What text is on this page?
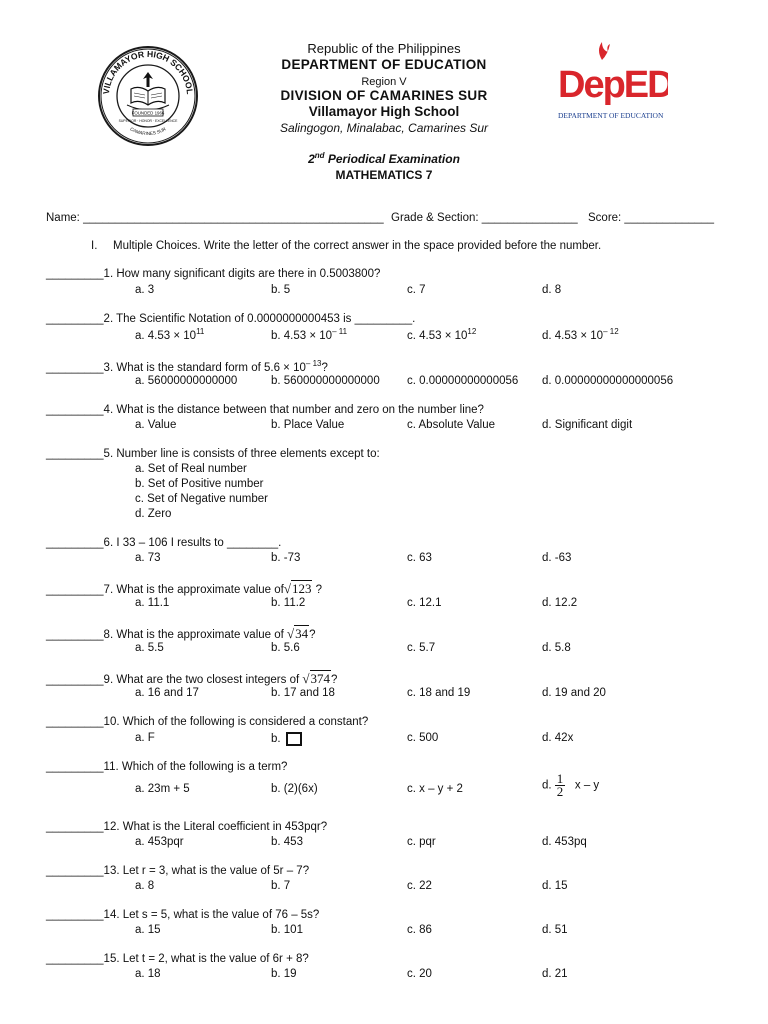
VILLAMAYOR HIGH SCHOOL
CAMARINES SUR
FOUNDED 1966
SUPERIOR · HONOR · EXCELLENCE
DepED
DEPARTMENT OF EDUCATION
Republic of the Philippines
DEPARTMENT OF EDUCATION
Region V
DIVISION OF CAMARINES SUR
Villamayor High School
Salingogon, Minalabac, Camarines Sur
2nd Periodical Examination
MATHEMATICS 7
Name: _______________________________________________ Grade & Section: _______________ Score: ______________
I. Multiple Choices. Write the letter of the correct answer in the space provided before the number.
_________1. How many significant digits are there in 0.5003800?
a. 3	b. 5	c. 7	d. 8
_________2. The Scientific Notation of 0.0000000000453 is _________.
a. $4.53 \times 10^{11}$	b. $4.53 \times 10^{- 11}$	c. $4.53 \times 10^{12}$	d. $4.53 \times 10^{- 12}$
_________3. What is the standard form of $5.6 \times 10^{- 13}$?
a. 56000000000000	b. 560000000000000 c. 0.00000000000056 d. 0.00000000000000056
_________4. What is the distance between that number and zero on the number line?
a. Value	b. Place Value	c. Absolute Value	d. Significant digit
_________5. Number line is consists of three elements except to:
a. Set of Real number
b. Set of Positive number
c. Set of Negative number
d. Zero
_________6. I 33 – 106 I results to ________.
a. 73	b. -73	c. 63	d. -63
_________7. What is the approximate value of√123 ?
a. 11.1	b. 11.2	c. 12.1	d. 12.2
_________8. What is the approximate value of √34?
a. 5.5	b. 5.6	c. 5.7	d. 5.8
_________9. What are the two closest integers of √374?
a. 16 and 17	b. 17 and 18	c. 18 and 19	d. 19 and 20
_________10. Which of the following is considered a constant?
a. F	b.	c. 500	d. 42x
_________11. Which of the following is a term?
a. 23m + 5	b. (2)(6x)	c. x – y + 2	d. $\frac{1}{2}$ x – y
_________12. What is the Literal coefficient in 453pqr?
a. 453pqr	b. 453	c. pqr	d. 453pq
_________13. Let r = 3, what is the value of 5r – 7?
a. 8	b. 7	c. 22	d. 15
_________14. Let s = 5, what is the value of 76 – 5s?
a. 15	b. 101	c. 86	d. 51
_________15. Let t = 2, what is the value of 6r + 8?
a. 18	b. 19	c. 20	d. 21
